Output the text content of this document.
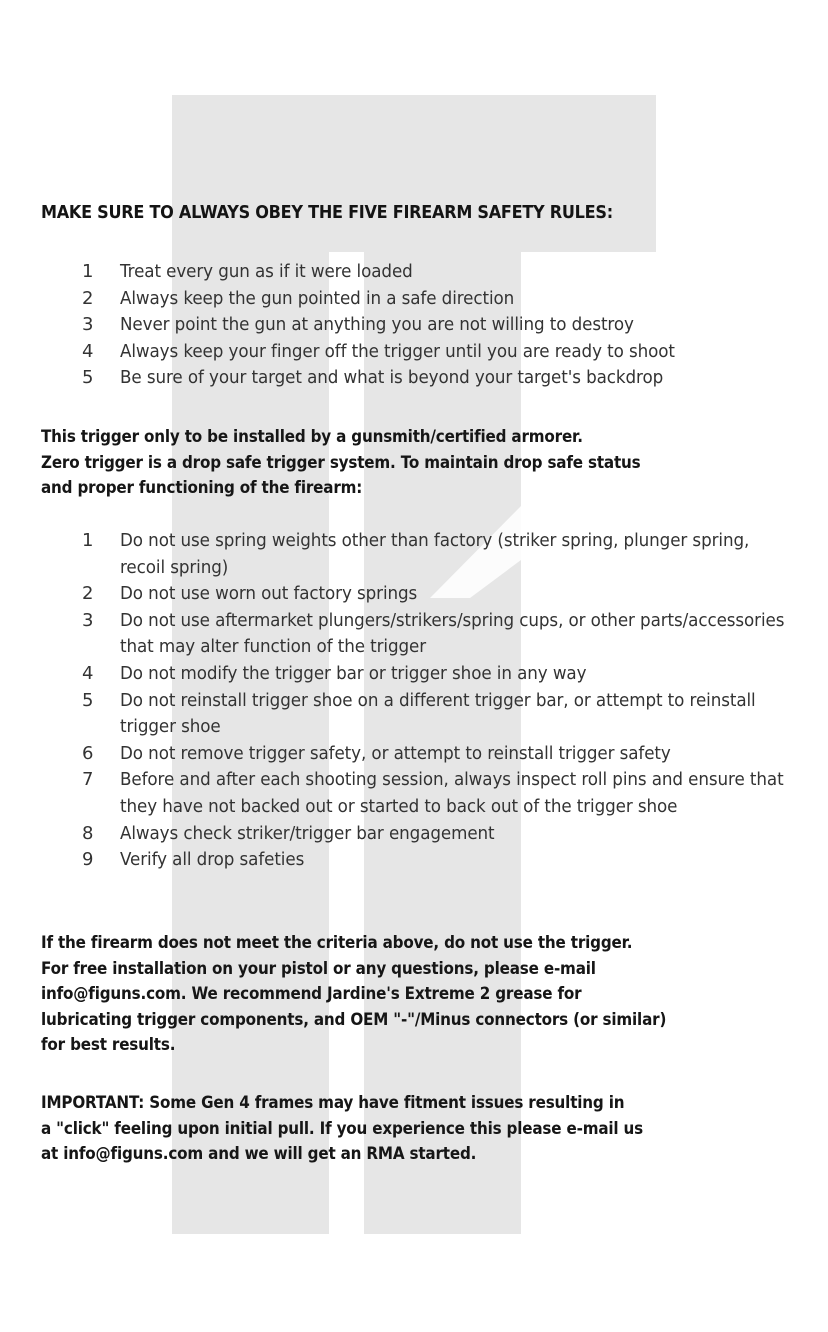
MAKE SURE TO ALWAYS OBEY THE FIVE FIREARM SAFETY RULES:
1	Treat every gun as if it were loaded
2	Always keep the gun pointed in a safe direction
3	Never point the gun at anything you are not willing to destroy
4	Always keep your finger off the trigger until you are ready to shoot
5	Be sure of your target and what is beyond your target's backdrop

This trigger only to be installed by a gunsmith/certified armorer.
Zero trigger is a drop safe trigger system. To maintain drop safe status
and proper functioning of the firearm:

1	Do not use spring weights other than factory (striker spring, plunger spring, recoil spring)
2	Do not use worn out factory springs
3	Do not use aftermarket plungers/strikers/spring cups, or other parts/accessories that may alter function of the trigger
4	Do not modify the trigger bar or trigger shoe in any way
5	Do not reinstall trigger shoe on a different trigger bar, or attempt to reinstall trigger shoe
6	Do not remove trigger safety, or attempt to reinstall trigger safety
7	Before and after each shooting session, always inspect roll pins and ensure that they have not backed out or started to back out of the trigger shoe
8	Always check striker/trigger bar engagement
9	Verify all drop safeties

If the firearm does not meet the criteria above, do not use the trigger.
For free installation on your pistol or any questions, please e-mail
info@figuns.com. We recommend Jardine's Extreme 2 grease for
lubricating trigger components, and OEM "-"/Minus connectors (or similar)
for best results.

IMPORTANT: Some Gen 4 frames may have fitment issues resulting in
a "click" feeling upon initial pull. If you experience this please e-mail us
at info@figuns.com and we will get an RMA started.
